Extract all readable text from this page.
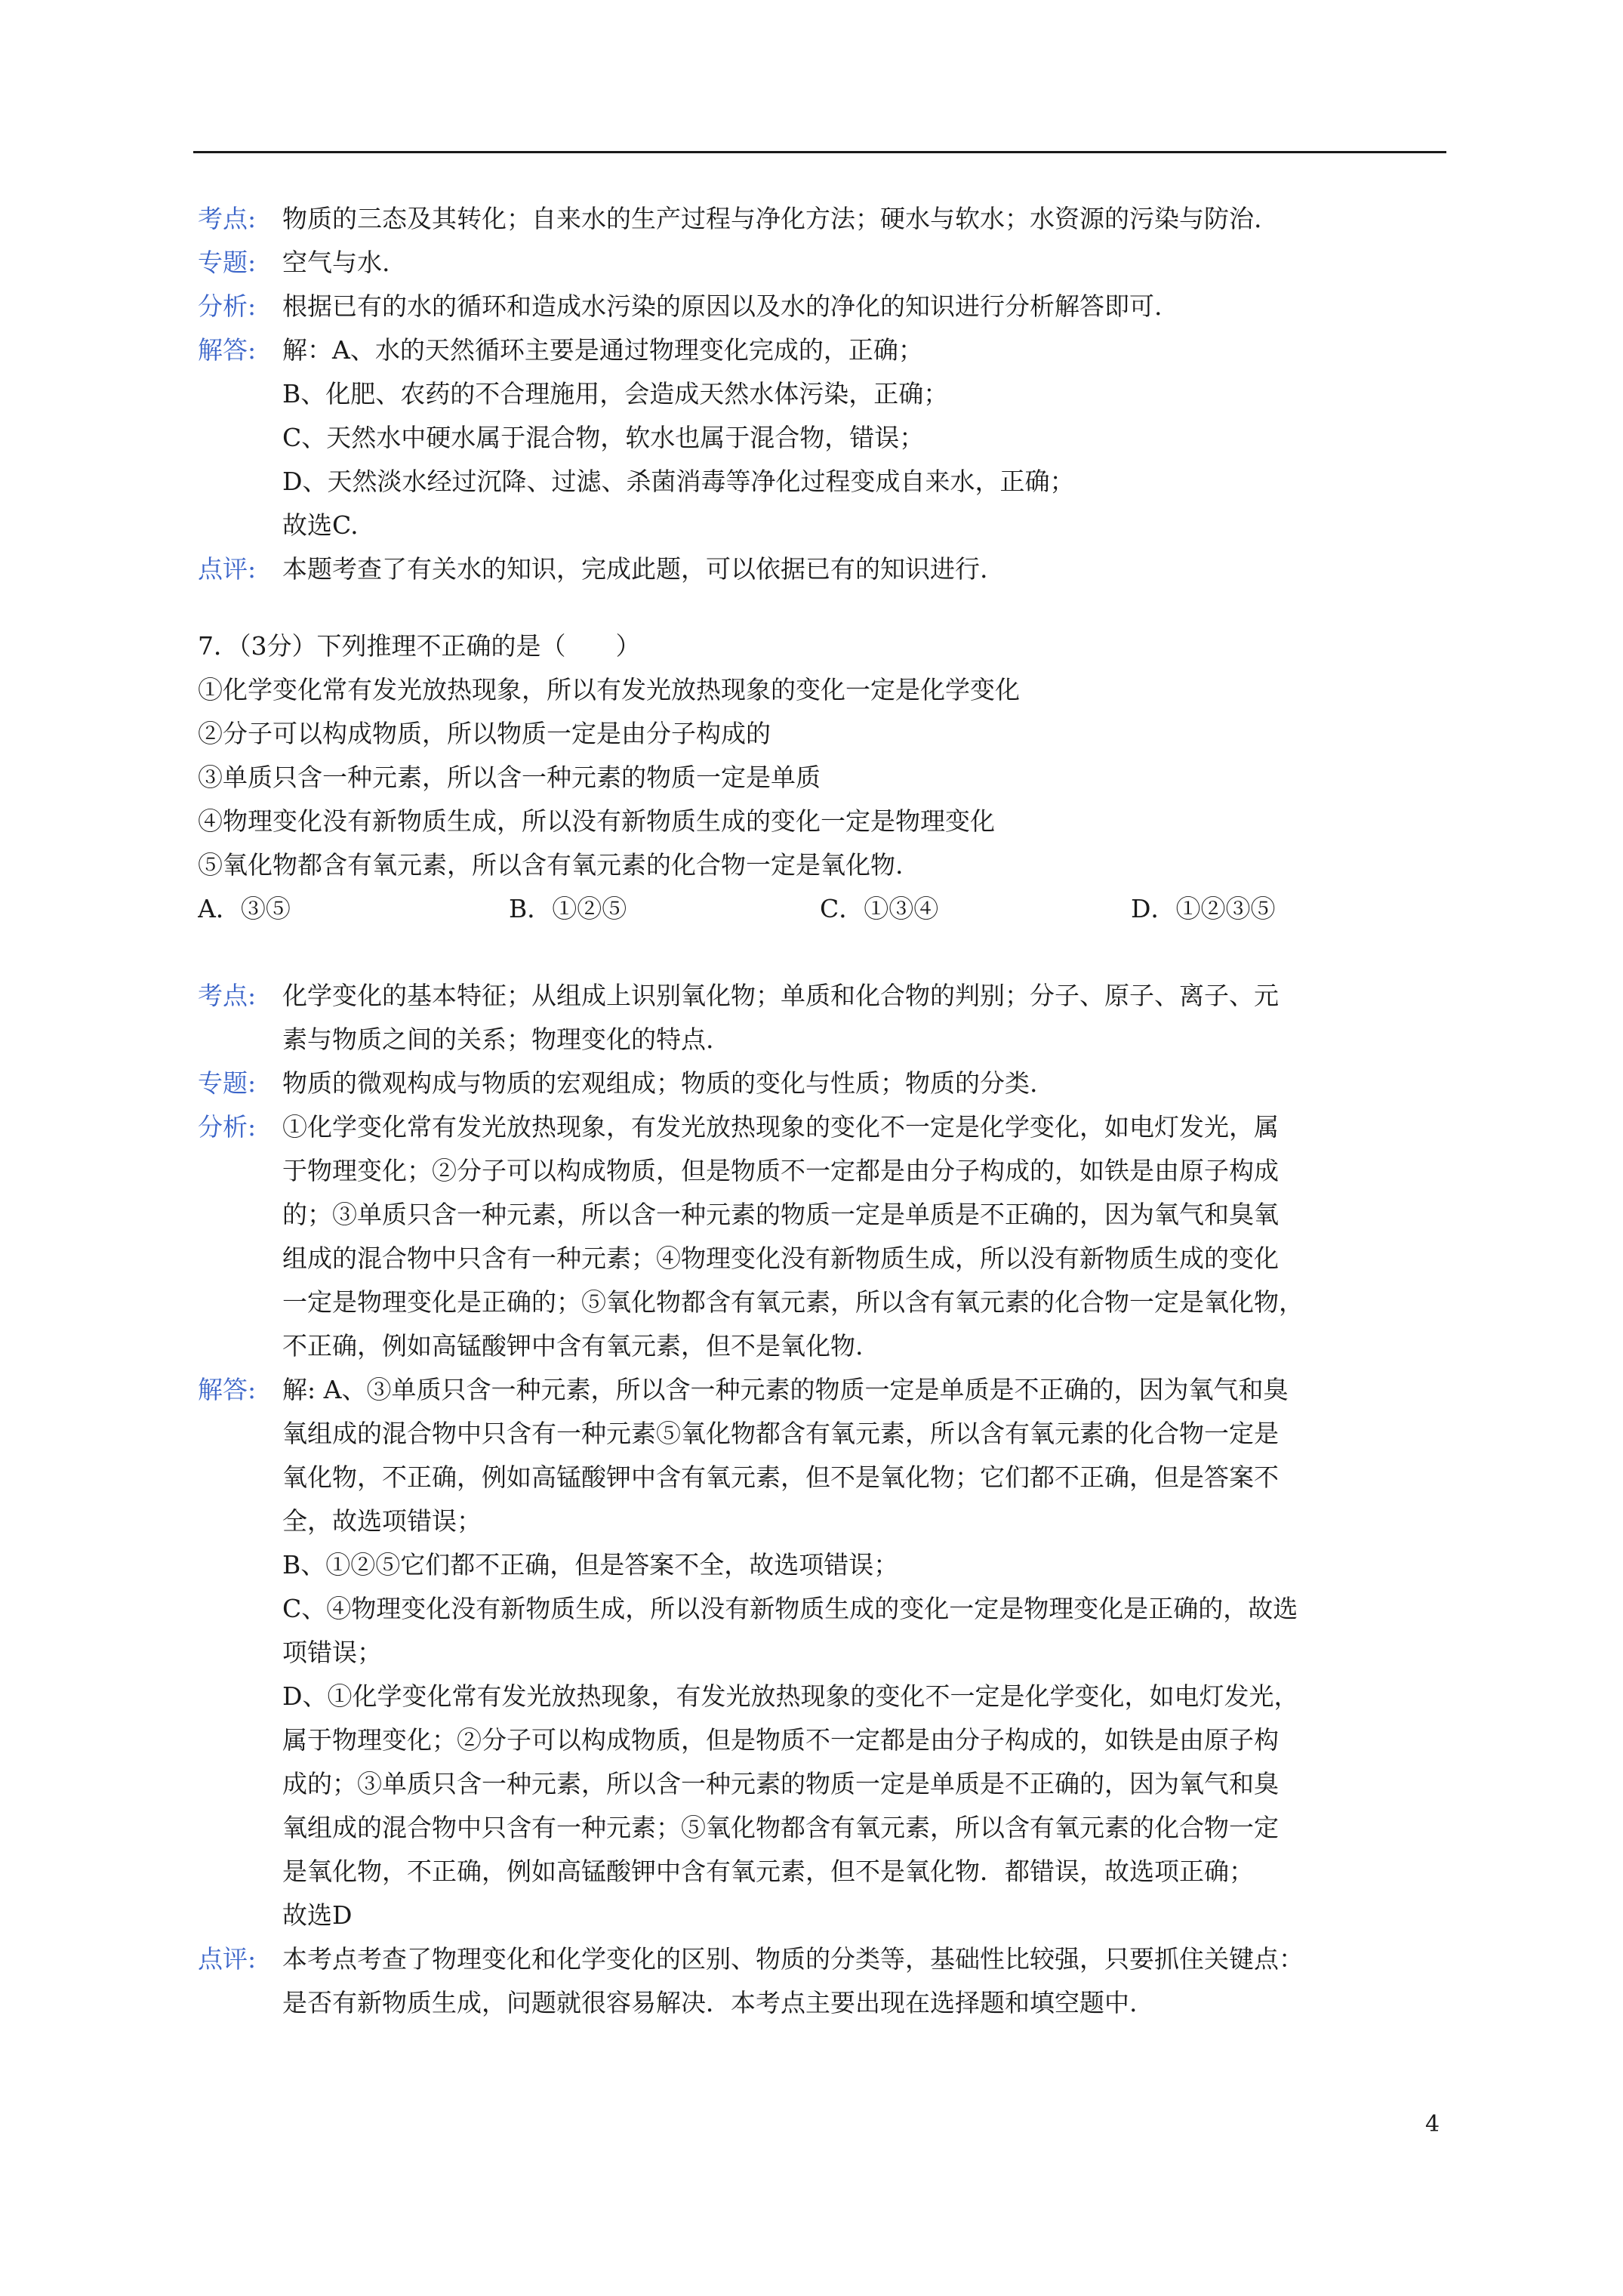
考点:	物质的三态及其转化；自来水的生产过程与净化方法；硬水与软水；水资源的污染与防治.
专题:	空气与水.
分析:	根据已有的水的循环和造成水污染的原因以及水的净化的知识进行分析解答即可.
解答:	解：A、水的天然循环主要是通过物理变化完成的，正确；
B、化肥、农药的不合理施用，会造成天然水体污染，正确；
C、天然水中硬水属于混合物，软水也属于混合物，错误；
D、天然淡水经过沉降、过滤、杀菌消毒等净化过程变成自来水，正确；
故选C.
点评:	本题考查了有关水的知识，完成此题，可以依据已有的知识进行.
7．（3分）下列推理不正确的是（　　）
①化学变化常有发光放热现象，所以有发光放热现象的变化一定是化学变化
②分子可以构成物质，所以物质一定是由分子构成的
③单质只含一种元素，所以含一种元素的物质一定是单质
④物理变化没有新物质生成，所以没有新物质生成的变化一定是物理变化
⑤氧化物都含有氧元素，所以含有氧元素的化合物一定是氧化物.
A．③⑤	B．①②⑤	C．①③④	D．①②③⑤
考点:	化学变化的基本特征；从组成上识别氧化物；单质和化合物的判别；分子、原子、离子、元
素与物质之间的关系；物理变化的特点.
专题:	物质的微观构成与物质的宏观组成；物质的变化与性质；物质的分类.
分析:	①化学变化常有发光放热现象，有发光放热现象的变化不一定是化学变化，如电灯发光，属
于物理变化；②分子可以构成物质，但是物质不一定都是由分子构成的，如铁是由原子构成
的；③单质只含一种元素，所以含一种元素的物质一定是单质是不正确的，因为氧气和臭氧
组成的混合物中只含有一种元素；④物理变化没有新物质生成，所以没有新物质生成的变化
一定是物理变化是正确的；⑤氧化物都含有氧元素，所以含有氧元素的化合物一定是氧化物，
不正确，例如高锰酸钾中含有氧元素，但不是氧化物.
解答:	解: A、③单质只含一种元素，所以含一种元素的物质一定是单质是不正确的，因为氧气和臭
氧组成的混合物中只含有一种元素⑤氧化物都含有氧元素，所以含有氧元素的化合物一定是
氧化物，不正确，例如高锰酸钾中含有氧元素，但不是氧化物；它们都不正确，但是答案不
全，故选项错误；
B、①②⑤它们都不正确，但是答案不全，故选项错误；
C、④物理变化没有新物质生成，所以没有新物质生成的变化一定是物理变化是正确的，故选
项错误；
D、①化学变化常有发光放热现象，有发光放热现象的变化不一定是化学变化，如电灯发光，
属于物理变化；②分子可以构成物质，但是物质不一定都是由分子构成的，如铁是由原子构
成的；③单质只含一种元素，所以含一种元素的物质一定是单质是不正确的，因为氧气和臭
氧组成的混合物中只含有一种元素；⑤氧化物都含有氧元素，所以含有氧元素的化合物一定
是氧化物，不正确，例如高锰酸钾中含有氧元素，但不是氧化物．都错误，故选项正确；
故选D
点评:	本考点考查了物理变化和化学变化的区别、物质的分类等，基础性比较强，只要抓住关键点：
是否有新物质生成，问题就很容易解决．本考点主要出现在选择题和填空题中.
4
